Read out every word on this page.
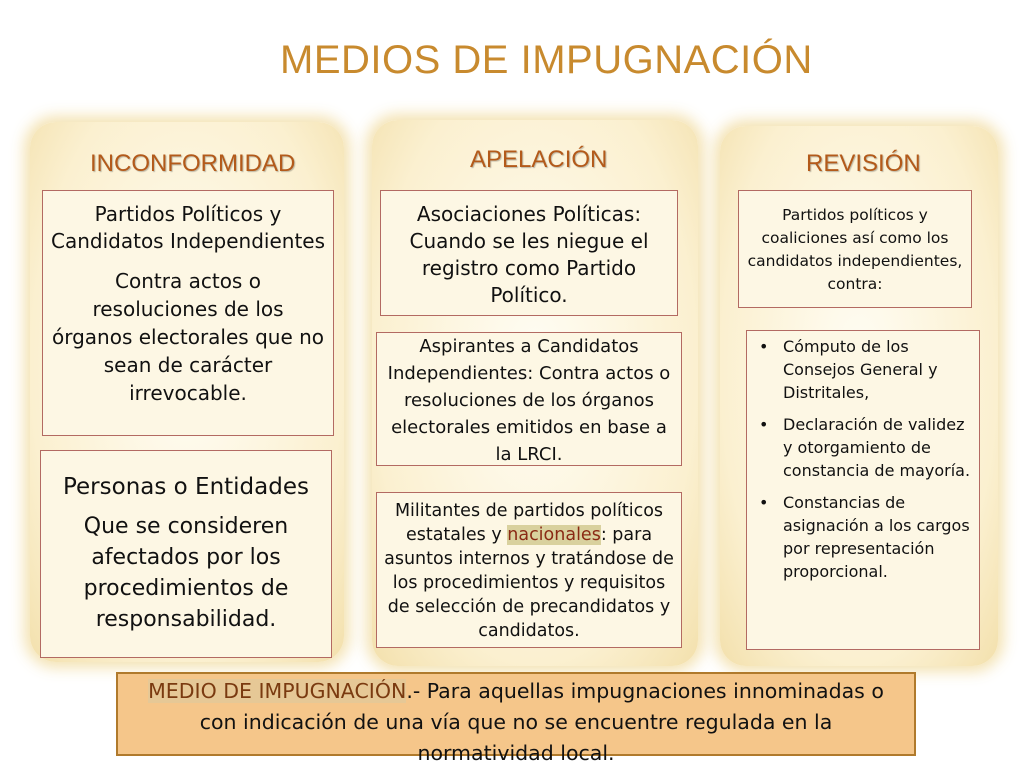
MEDIOS DE IMPUGNACIÓN
INCONFORMIDAD
Partidos Políticos y Candidatos Independientes
Contra actos o resoluciones de los órganos electorales que no sean de carácter irrevocable.
Personas o Entidades
Que se consideren afectados por los procedimientos de responsabilidad.
APELACIÓN
Asociaciones Políticas:
Cuando se les niegue el registro como Partido Político.
Aspirantes a Candidatos Independientes: Contra actos o resoluciones de los órganos electorales emitidos en base a la LRCI.
Militantes de partidos políticos estatales y nacionales: para asuntos internos y tratándose de los procedimientos y requisitos de selección de precandidatos y candidatos.
REVISIÓN
Partidos políticos y coaliciones así como los candidatos independientes, contra:
• Cómputo de los Consejos General y Distritales,
• Declaración de validez y otorgamiento de constancia de mayoría.
• Constancias de asignación a los cargos por representación proporcional.
MEDIO DE IMPUGNACIÓN.- Para aquellas impugnaciones innominadas o con indicación de una vía que no se encuentre regulada en la normatividad local.
